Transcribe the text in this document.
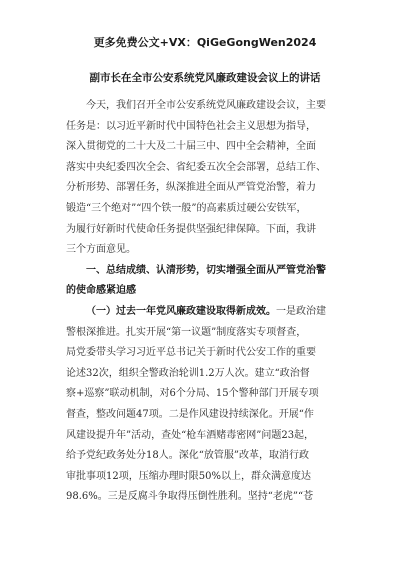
更多免费公文+VX：QiGeGongWen2024
副市长在全市公安系统党风廉政建设会议上的讲话
今天，我们召开全市公安系统党风廉政建设会议，主要
任务是：以习近平新时代中国特色社会主义思想为指导，
深入贯彻党的二十大及二十届三中、四中全会精神，全面
落实中央纪委四次全会、省纪委五次全会部署，总结工作、
分析形势、部署任务，纵深推进全面从严管党治警，着力
锻造“三个绝对”“四个铁一般”的高素质过硬公安铁军，
为履行好新时代使命任务提供坚强纪律保障。下面，我讲
三个方面意见。
一、总结成绩、认清形势，切实增强全面从严管党治警
的使命感紧迫感
（一）过去一年党风廉政建设取得新成效。一是政治建
警根深推进。扎实开展“第一议题”制度落实专项督查，
局党委带头学习习近平总书记关于新时代公安工作的重要
论述32次，组织全警政治轮训1.2万人次。建立“政治督
察+巡察”联动机制，对6个分局、15个警种部门开展专项
督查，整改问题47项。二是作风建设持续深化。开展“作
风建设提升年”活动，查处“枪车酒赌毒密网”问题23起，
给予党纪政务处分18人。深化“放管服”改革，取消行政
审批事项12项，压缩办理时限50%以上，群众满意度达
98.6%。三是反腐斗争取得压倒性胜利。坚持“老虎”“苍
